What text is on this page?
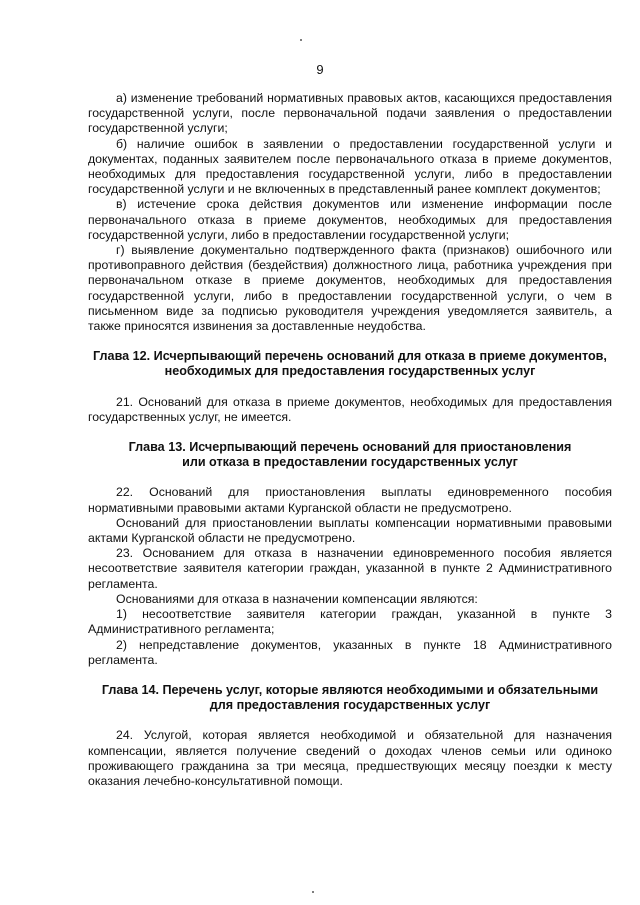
9

а) изменение требований нормативных правовых актов, касающихся предоставления государственной услуги, после первоначальной подачи заявления о предоставлении государственной услуги;

б) наличие ошибок в заявлении о предоставлении государственной услуги и документах, поданных заявителем после первоначального отказа в приеме документов, необходимых для предоставления государственной услуги, либо в предоставлении государственной услуги и не включенных в представленный ранее комплект документов;

в) истечение срока действия документов или изменение информации после первоначального отказа в приеме документов, необходимых для предоставления государственной услуги, либо в предоставлении государственной услуги;

г) выявление документально подтвержденного факта (признаков) ошибочного или противоправного действия (бездействия) должностного лица, работника учреждения при первоначальном отказе в приеме документов, необходимых для предоставления государственной услуги, либо в предоставлении государственной услуги, о чем в письменном виде за подписью руководителя учреждения уведомляется заявитель, а также приносятся извинения за доставленные неудобства.

Глава 12. Исчерпывающий перечень оснований для отказа в приеме документов,
необходимых для предоставления государственных услуг

21. Оснований для отказа в приеме документов, необходимых для предоставления государственных услуг, не имеется.

Глава 13. Исчерпывающий перечень оснований для приостановления
или отказа в предоставлении государственных услуг

22. Оснований для приостановления выплаты единовременного пособия нормативными правовыми актами Курганской области не предусмотрено.

Оснований для приостановлении выплаты компенсации нормативными правовыми актами Курганской области не предусмотрено.

23. Основанием для отказа в назначении единовременного пособия является несоответствие заявителя категории граждан, указанной в пункте 2 Административного регламента.

Основаниями для отказа в назначении компенсации являются:

1) несоответствие заявителя категории граждан, указанной в пункте 3 Административного регламента;

2) непредставление документов, указанных в пункте 18 Административного регламента.

Глава 14. Перечень услуг, которые являются необходимыми и обязательными
для предоставления государственных услуг

24. Услугой, которая является необходимой и обязательной для назначения компенсации, является получение сведений о доходах членов семьи или одиноко проживающего гражданина за три месяца, предшествующих месяцу поездки к месту оказания лечебно-консультативной помощи.
